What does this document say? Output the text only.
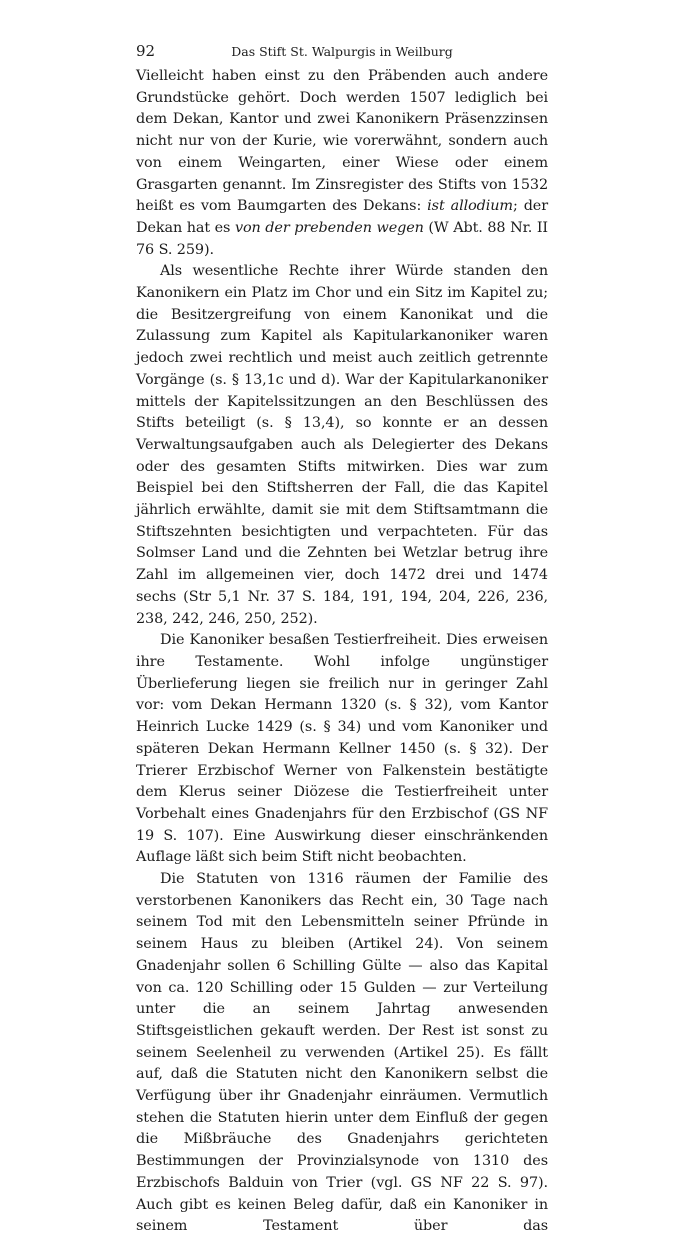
92	Das Stift St. Walpurgis in Weilburg

Vielleicht haben einst zu den Präbenden auch andere Grundstücke gehört. Doch werden 1507 lediglich bei dem Dekan, Kantor und zwei Kanonikern Präsenzzinsen nicht nur von der Kurie, wie vorerwähnt, sondern auch von einem Weingarten, einer Wiese oder einem Grasgarten genannt. Im Zinsregister des Stifts von 1532 heißt es vom Baumgarten des Dekans: ist allodium; der Dekan hat es von der prebenden wegen (W Abt. 88 Nr. II 76 S. 259).

Als wesentliche Rechte ihrer Würde standen den Kanonikern ein Platz im Chor und ein Sitz im Kapitel zu; die Besitzergreifung von einem Kanonikat und die Zulassung zum Kapitel als Kapitularkanoniker waren jedoch zwei rechtlich und meist auch zeitlich getrennte Vorgänge (s. § 13,1c und d). War der Kapitularkanoniker mittels der Kapitelssitzungen an den Beschlüssen des Stifts beteiligt (s. § 13,4), so konnte er an dessen Verwaltungsaufgaben auch als Delegierter des Dekans oder des gesamten Stifts mitwirken. Dies war zum Beispiel bei den Stiftsherren der Fall, die das Kapitel jährlich erwählte, damit sie mit dem Stiftsamtmann die Stiftszehnten besichtigten und verpachteten. Für das Solmser Land und die Zehnten bei Wetzlar betrug ihre Zahl im allgemeinen vier, doch 1472 drei und 1474 sechs (Str 5,1 Nr. 37 S. 184, 191, 194, 204, 226, 236, 238, 242, 246, 250, 252).

Die Kanoniker besaßen Testierfreiheit. Dies erweisen ihre Testamente. Wohl infolge ungünstiger Überlieferung liegen sie freilich nur in geringer Zahl vor: vom Dekan Hermann 1320 (s. § 32), vom Kantor Heinrich Lucke 1429 (s. § 34) und vom Kanoniker und späteren Dekan Hermann Kellner 1450 (s. § 32). Der Trierer Erzbischof Werner von Falkenstein bestätigte dem Klerus seiner Diözese die Testierfreiheit unter Vorbehalt eines Gnadenjahrs für den Erzbischof (GS NF 19 S. 107). Eine Auswirkung dieser einschränkenden Auflage läßt sich beim Stift nicht beobachten.

Die Statuten von 1316 räumen der Familie des verstorbenen Kanonikers das Recht ein, 30 Tage nach seinem Tod mit den Lebensmitteln seiner Pfründe in seinem Haus zu bleiben (Artikel 24). Von seinem Gnadenjahr sollen 6 Schilling Gülte — also das Kapital von ca. 120 Schilling oder 15 Gulden — zur Verteilung unter die an seinem Jahrtag anwesenden Stiftsgeistlichen gekauft werden. Der Rest ist sonst zu seinem Seelenheil zu verwenden (Artikel 25). Es fällt auf, daß die Statuten nicht den Kanonikern selbst die Verfügung über ihr Gnadenjahr einräumen. Vermutlich stehen die Statuten hierin unter dem Einfluß der gegen die Mißbräuche des Gnadenjahrs gerichteten Bestimmungen der Provinzialsynode von 1310 des Erzbischofs Balduin von Trier (vgl. GS NF 22 S. 97). Auch gibt es keinen Beleg dafür, daß ein Kanoniker in seinem Testament über das
